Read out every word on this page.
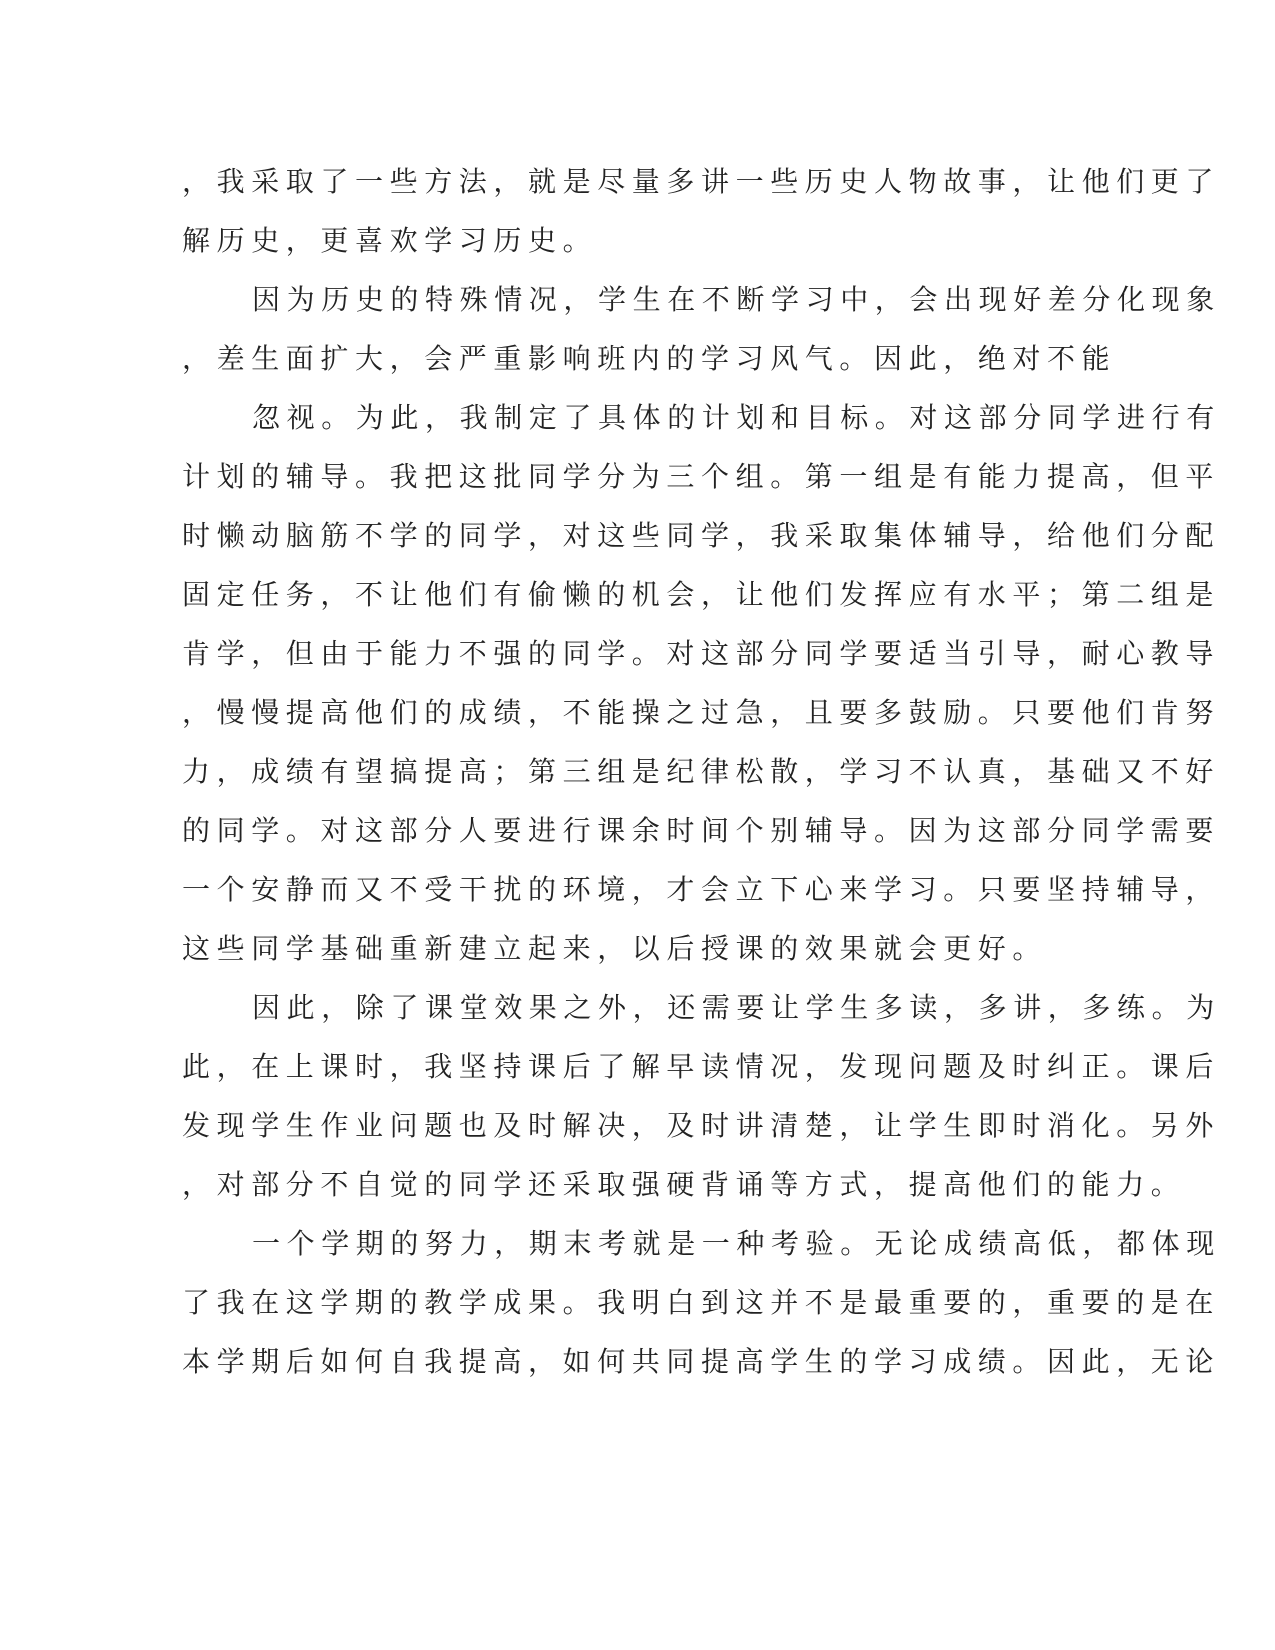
，我采取了一些方法，就是尽量多讲一些历史人物故事，让他们更了

解历史，更喜欢学习历史。

因为历史的特殊情况，学生在不断学习中，会出现好差分化现象

，差生面扩大，会严重影响班内的学习风气。因此，绝对不能

忽视。为此，我制定了具体的计划和目标。对这部分同学进行有

计划的辅导。我把这批同学分为三个组。第一组是有能力提高，但平

时懒动脑筋不学的同学，对这些同学，我采取集体辅导，给他们分配

固定任务，不让他们有偷懒的机会，让他们发挥应有水平；第二组是

肯学，但由于能力不强的同学。对这部分同学要适当引导，耐心教导

，慢慢提高他们的成绩，不能操之过急，且要多鼓励。只要他们肯努

力，成绩有望搞提高；第三组是纪律松散，学习不认真，基础又不好

的同学。对这部分人要进行课余时间个别辅导。因为这部分同学需要

一个安静而又不受干扰的环境，才会立下心来学习。只要坚持辅导，

这些同学基础重新建立起来，以后授课的效果就会更好。

因此，除了课堂效果之外，还需要让学生多读，多讲，多练。为

此，在上课时，我坚持课后了解早读情况，发现问题及时纠正。课后

发现学生作业问题也及时解决，及时讲清楚，让学生即时消化。另外

，对部分不自觉的同学还采取强硬背诵等方式，提高他们的能力。

一个学期的努力，期末考就是一种考验。无论成绩高低，都体现

了我在这学期的教学成果。我明白到这并不是最重要的，重要的是在

本学期后如何自我提高，如何共同提高学生的学习成绩。因此，无论
